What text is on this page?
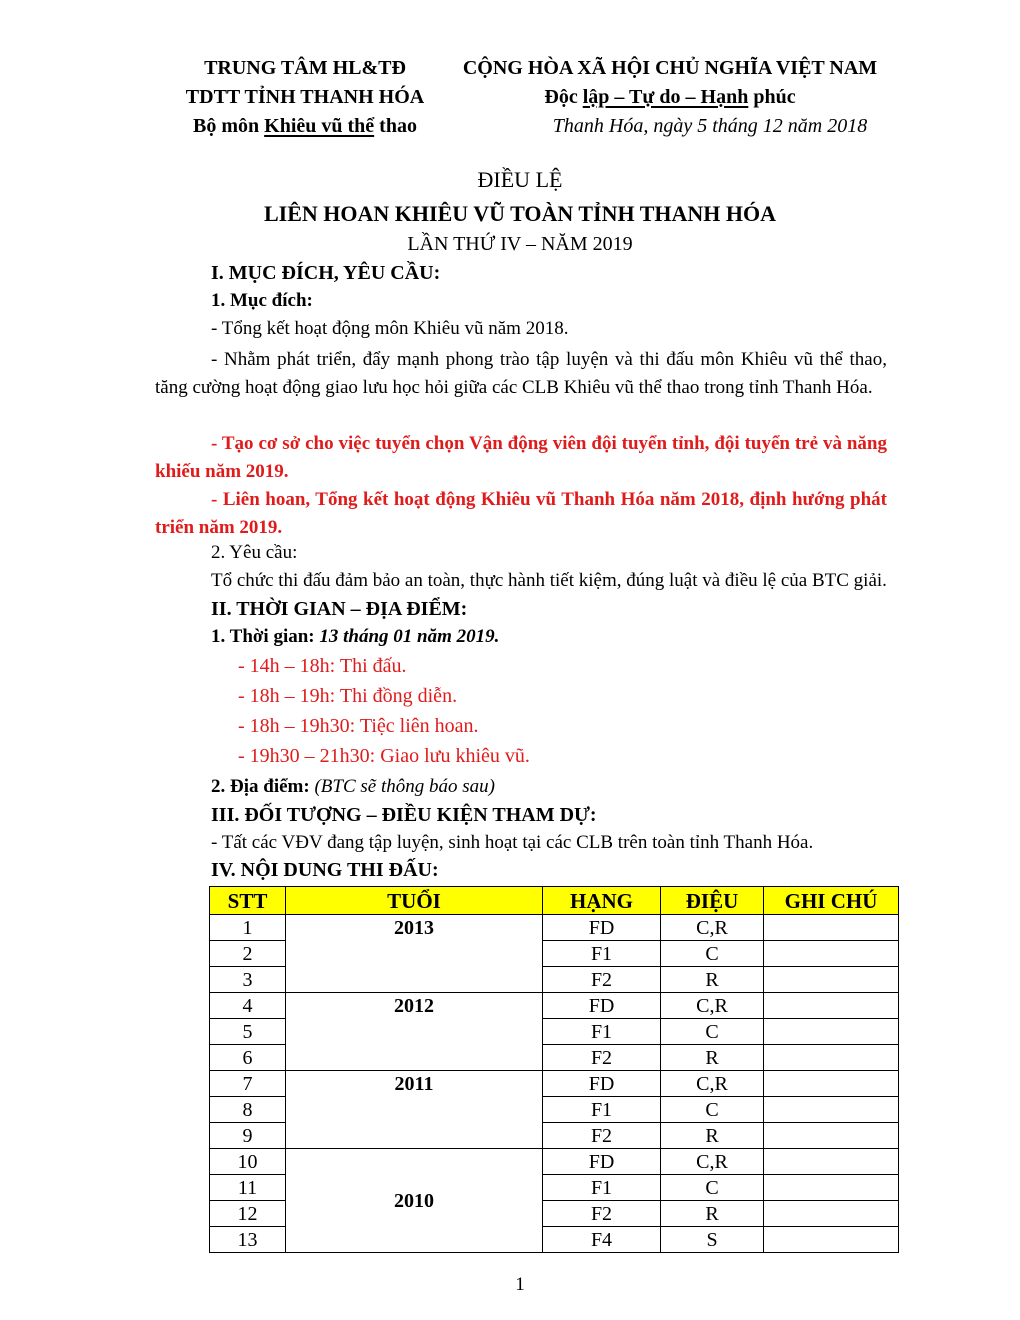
TRUNG TÂM HL&TĐ
TDTT TỈNH THANH HÓA
Bộ môn Khiêu vũ thể thao
CỘNG HÒA XÃ HỘI CHỦ NGHĨA VIỆT NAM
Độc lập – Tự do – Hạnh phúc
Thanh Hóa, ngày 5 tháng 12 năm 2018
ĐIỀU LỆ
LIÊN HOAN KHIÊU VŨ TOÀN TỈNH THANH HÓA
LẦN THỨ IV – NĂM 2019
I. MỤC ĐÍCH, YÊU CẦU:
1. Mục đích:
- Tổng kết hoạt động môn Khiêu vũ năm 2018.

- Nhằm phát triển, đẩy mạnh phong trào tập luyện và thi đấu môn Khiêu vũ thể thao, tăng cường hoạt động giao lưu học hỏi giữa các CLB Khiêu vũ thể thao trong tỉnh Thanh Hóa.

- Tạo cơ sở cho việc tuyển chọn Vận động viên đội tuyển tỉnh, đội tuyển trẻ và năng khiếu năm 2019.

- Liên hoan, Tổng kết hoạt động Khiêu vũ Thanh Hóa năm 2018, định hướng phát triển năm 2019.

2. Yêu cầu:
Tổ chức thi đấu đảm bảo an toàn, thực hành tiết kiệm, đúng luật và điều lệ của BTC giải.
II. THỜI GIAN – ĐỊA ĐIỂM:
1. Thời gian: 13 tháng 01 năm 2019.
- 14h – 18h: Thi đấu.
- 18h – 19h: Thi đồng diễn.
- 18h – 19h30: Tiệc liên hoan.
- 19h30 – 21h30: Giao lưu khiêu vũ.
2. Địa điểm: (BTC sẽ thông báo sau)
III. ĐỐI TƯỢNG – ĐIỀU KIỆN THAM DỰ:
- Tất các VĐV đang tập luyện, sinh hoạt tại các CLB trên toàn tỉnh Thanh Hóa.
IV. NỘI DUNG THI ĐẤU:
STT	TUỔI	HẠNG	ĐIỆU	GHI CHÚ
1	2013	FD	C,R	
2		F1	C	
3		F2	R	
4	2012	FD	C,R	
5		F1	C	
6		F2	R	
7	2011	FD	C,R	
8		F1	C	
9		F2	R	
10	2010	FD	C,R	
11		F1	C	
12		F2	R	
13		F4	S	
1
